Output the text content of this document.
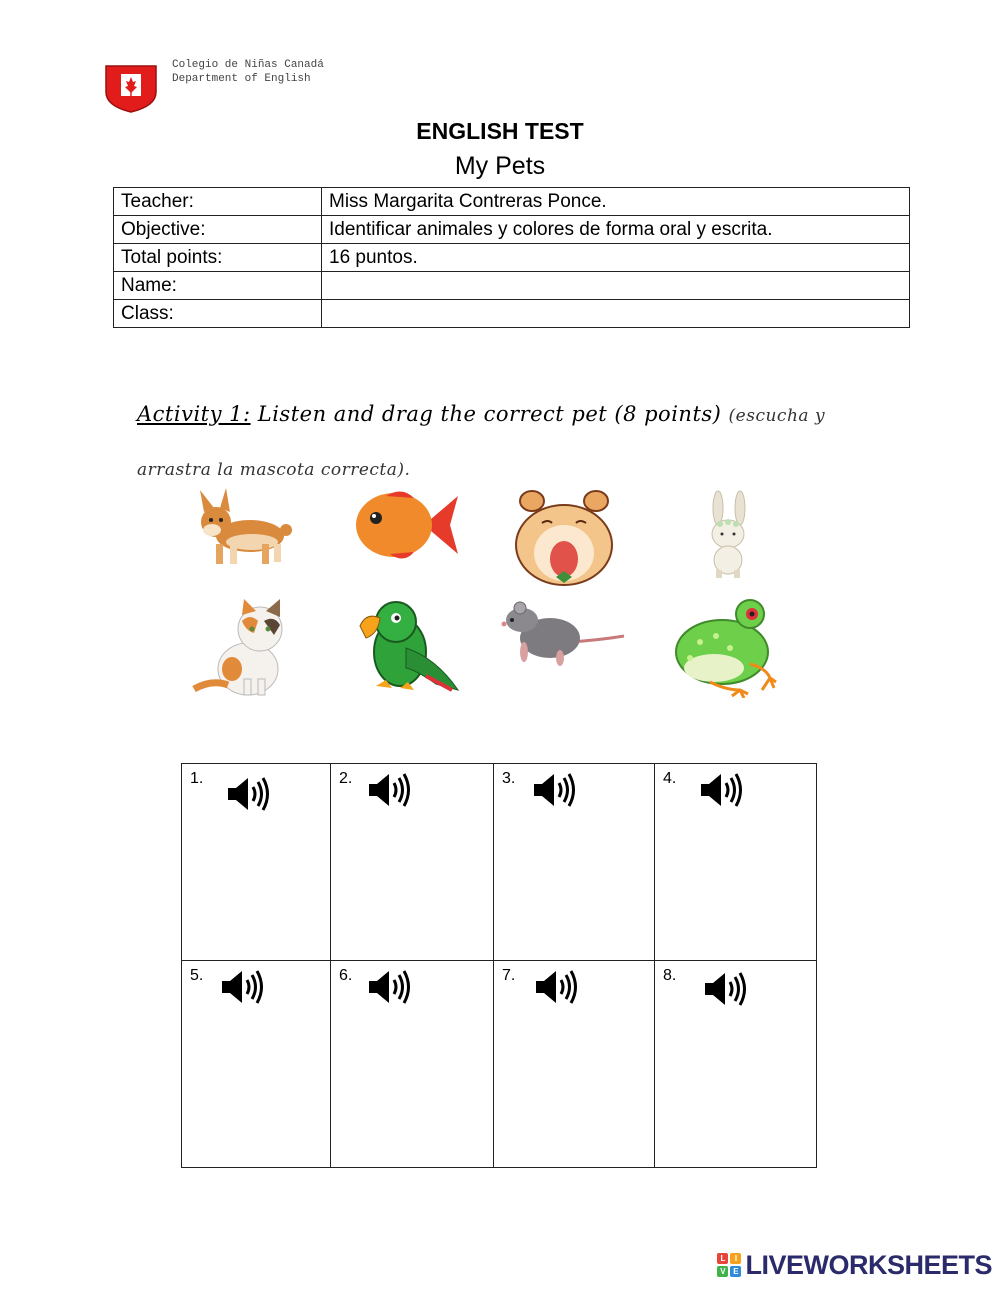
Colegio de Niñas Canadá
Department of English
ENGLISH TEST
My Pets
Teacher:	Miss Margarita Contreras Ponce.
Objective:	Identificar animales y colores de forma oral y escrita.
Total points:	16 puntos.
Name:	
Class:	
Activity 1: Listen and drag the correct pet (8 points) (escucha y arrastra la mascota correcta).
1.	2.	3.	4.
5.	6.	7.	8.
L	I
V E LIVEWORKSHEETS
